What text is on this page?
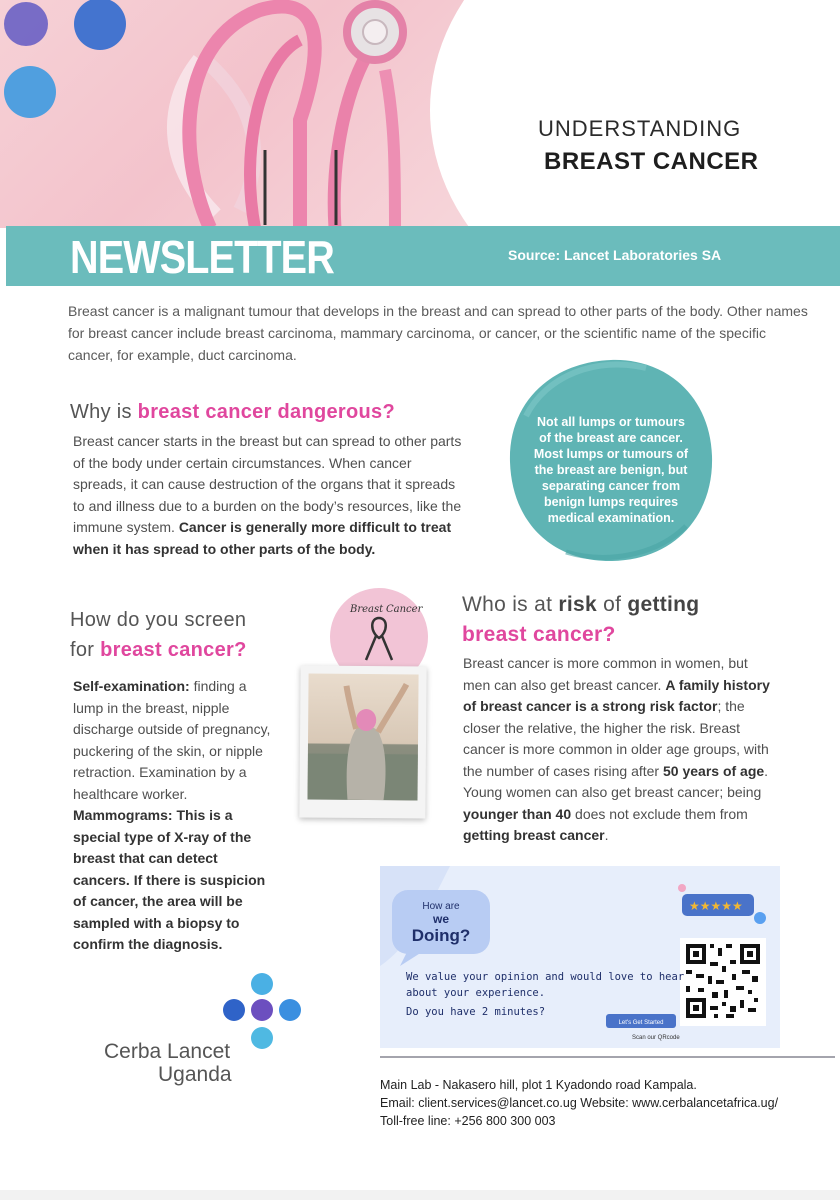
UNDERSTANDING
BREAST CANCER
NEWSLETTER	Source: Lancet Laboratories SA

Breast cancer is a malignant tumour that develops in the breast and can spread to other parts of the body. Other names for breast cancer include breast carcinoma, mammary carcinoma, or cancer, or the scientific name of the specific cancer, for example, duct carcinoma.

Why is breast cancer dangerous?

Breast cancer starts in the breast but can spread to other parts of the body under certain circumstances. When cancer spreads, it can cause destruction of the organs that it spreads to and illness due to a burden on the body’s resources, like the immune system. Cancer is generally more difficult to treat when it has spread to other parts of the body.

Not all lumps or tumours of the breast are cancer. Most lumps or tumours of the breast are benign, but separating cancer from benign lumps requires medical examination.
How do you screen
for breast cancer?

Self-examination: finding a lump in the breast, nipple discharge outside of pregnancy, puckering of the skin, or nipple retraction. Examination by a healthcare worker. Mammograms: This is a special type of X-ray of the breast that can detect cancers. If there is suspicion of cancer, the area will be sampled with a biopsy to confirm the diagnosis.

Breast Cancer Who is at risk of getting
breast cancer?

Breast cancer is more common in women, but men can also get breast cancer. A family history of breast cancer is a strong risk factor; the closer the relative, the higher the risk. Breast cancer is more common in older age groups, with the number of cases rising after 50 years of age. Young women can also get breast cancer; being younger than 40 does not exclude them from getting breast cancer.

How are
we
Doing?
★★★★★
We value your opinion and would love to hear
about your experience.
Do you have 2 minutes?
Let's Get Started
Scan our QRcode
Main Lab - Nakasero hill, plot 1 Kyadondo road Kampala.
Email: client.services@lancet.co.ug Website: www.cerbalancetafrica.ug/
Toll-free line: +256 800 300 003
Cerba Lancet
Uganda
